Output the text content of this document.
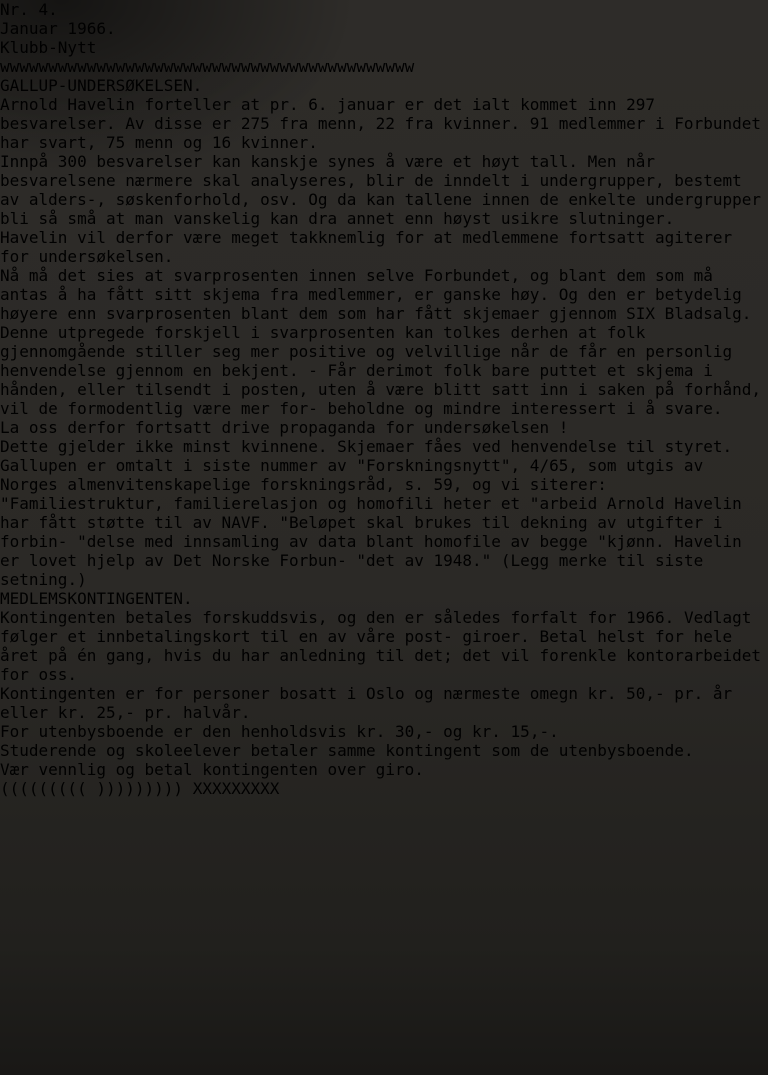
Nr. 4.
Januar 1966.
Klubb-Nytt
wwwwwwwwwwwwwwwwwwwwwwwwwwwwwwwwwwwwwwwwwww
GALLUP-UNDERSØKELSEN.
Arnold Havelin forteller at pr. 6. januar er det ialt kommet inn 297 besvarelser. Av disse er 275 fra menn, 22 fra kvinner. 91 medlemmer i Forbundet har svart, 75 menn og 16 kvinner.
Innpå 300 besvarelser kan kanskje synes å være et høyt tall. Men når besvarelsene nærmere skal analyseres, blir de inndelt i undergrupper, bestemt av alders-, søskenforhold, osv. Og da kan tallene innen de enkelte undergrupper bli så små at man vanskelig kan dra annet enn høyst usikre slutninger.
Havelin vil derfor være meget takknemlig for at medlemmene fortsatt agiterer for undersøkelsen.
Nå må det sies at svarprosenten innen selve Forbundet, og blant dem som må antas å ha fått sitt skjema fra medlemmer, er ganske høy. Og den er betydelig høyere enn svarprosenten blant dem som har fått skjemaer gjennom SIX Bladsalg.
Denne utpregede forskjell i svarprosenten kan tolkes derhen at folk gjennomgående stiller seg mer positive og velvillige når de får en personlig henvendelse gjennom en bekjent. - Får derimot folk bare puttet et skjema i hånden, eller tilsendt i posten, uten å være blitt satt inn i saken på forhånd, vil de formodentlig være mer for- beholdne og mindre interessert i å svare.
La oss derfor fortsatt drive propaganda for undersøkelsen !
Dette gjelder ikke minst kvinnene. Skjemaer fåes ved henvendelse til styret.
Gallupen er omtalt i siste nummer av "Forskningsnytt", 4/65, som utgis av Norges almenvitenskapelige forskningsråd, s. 59, og vi siterer:
"Familiestruktur, familierelasjon og homofili heter et "arbeid Arnold Havelin har fått støtte til av NAVF. "Beløpet skal brukes til dekning av utgifter i forbin- "delse med innsamling av data blant homofile av begge "kjønn. Havelin er lovet hjelp av Det Norske Forbun- "det av 1948." (Legg merke til siste setning.)
MEDLEMSKONTINGENTEN.
Kontingenten betales forskuddsvis, og den er således forfalt for 1966. Vedlagt følger et innbetalingskort til en av våre post- giroer. Betal helst for hele året på én gang, hvis du har anledning til det; det vil forenkle kontorarbeidet for oss.
Kontingenten er for personer bosatt i Oslo og nærmeste omegn kr. 50,- pr. år eller kr. 25,- pr. halvår.
For utenbysboende er den henholdsvis kr. 30,- og kr. 15,-.
Studerende og skoleelever betaler samme kontingent som de utenbysboende.
Vær vennlig og betal kontingenten over giro.
((((((((( ))))))))) XXXXXXXXX
